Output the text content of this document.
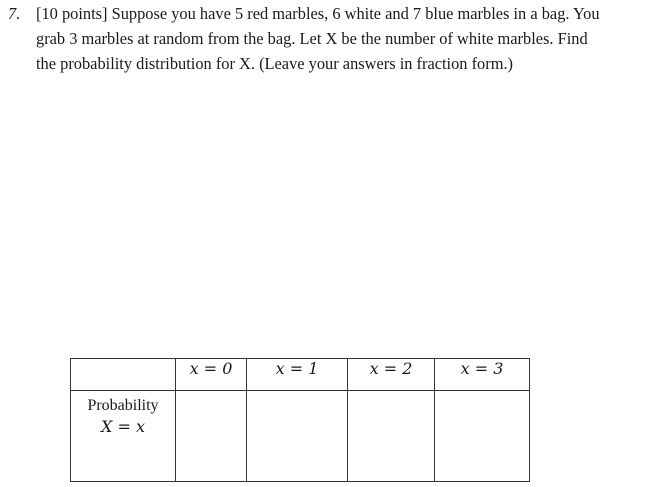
7. [10 points] Suppose you have 5 red marbles, 6 white and 7 blue marbles in a bag. You
grab 3 marbles at random from the bag. Let X be the number of white marbles. Find
the probability distribution for X. (Leave your answers in fraction form.)
	x = 0	x = 1	x = 2	x = 3

Probability
X = x				
